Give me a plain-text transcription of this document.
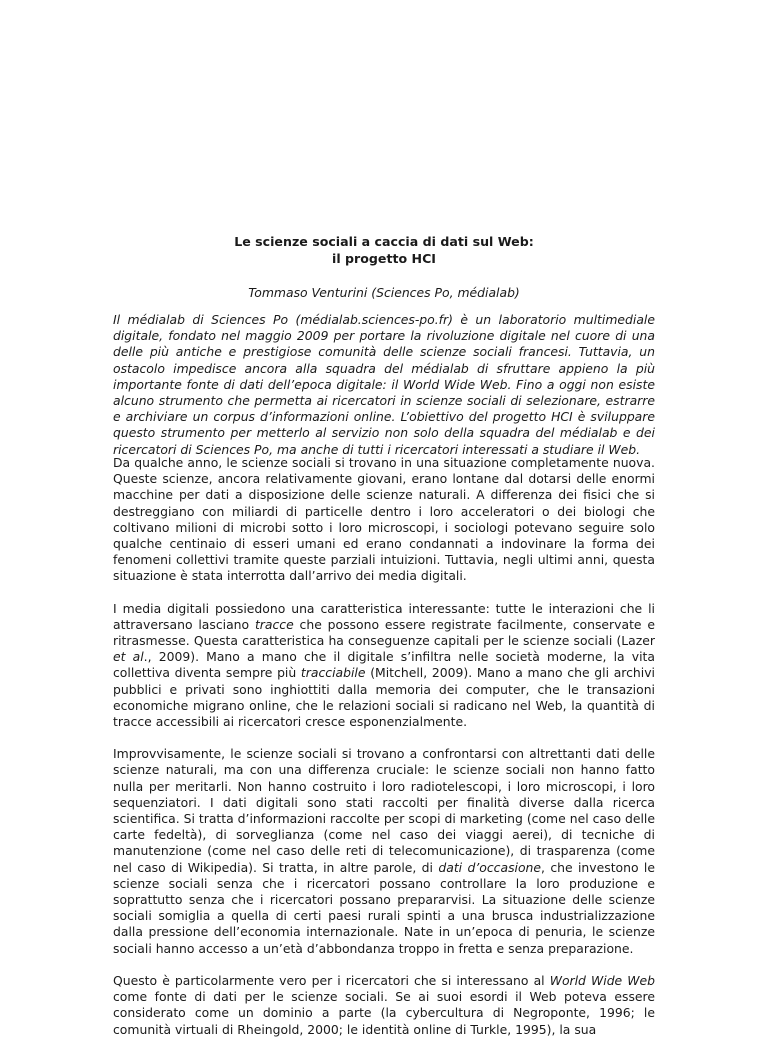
Le scienze sociali a caccia di dati sul Web:
il progetto HCI
Tommaso Venturini (Sciences Po, médialab)

Il médialab di Sciences Po (médialab.sciences-po.fr) è un laboratorio multimediale digitale, fondato nel maggio 2009 per portare la rivoluzione digitale nel cuore di una delle più antiche e prestigiose comunità delle scienze sociali francesi. Tuttavia, un ostacolo impedisce ancora alla squadra del médialab di sfruttare appieno la più importante fonte di dati dell’epoca digitale: il World Wide Web. Fino a oggi non esiste alcuno strumento che permetta ai ricercatori in scienze sociali di selezionare, estrarre e archiviare un corpus d’informazioni online. L’obiettivo del progetto HCI è sviluppare questo strumento per metterlo al servizio non solo della squadra del médialab e dei ricercatori di Sciences Po, ma anche di tutti i ricercatori interessati a studiare il Web.

Da qualche anno, le scienze sociali si trovano in una situazione completamente nuova. Queste scienze, ancora relativamente giovani, erano lontane dal dotarsi delle enormi macchine per dati a disposizione delle scienze naturali. A differenza dei fisici che si destreggiano con miliardi di particelle dentro i loro acceleratori o dei biologi che coltivano milioni di microbi sotto i loro microscopi, i sociologi potevano seguire solo qualche centinaio di esseri umani ed erano condannati a indovinare la forma dei fenomeni collettivi tramite queste parziali intuizioni. Tuttavia, negli ultimi anni, questa situazione è stata interrotta dall’arrivo dei media digitali.

I media digitali possiedono una caratteristica interessante: tutte le interazioni che li attraversano lasciano tracce che possono essere registrate facilmente, conservate e ritrasmesse. Questa caratteristica ha conseguenze capitali per le scienze sociali (Lazer et al., 2009). Mano a mano che il digitale s’infiltra nelle società moderne, la vita collettiva diventa sempre più tracciabile (Mitchell, 2009). Mano a mano che gli archivi pubblici e privati sono inghiottiti dalla memoria dei computer, che le transazioni economiche migrano online, che le relazioni sociali si radicano nel Web, la quantità di tracce accessibili ai ricercatori cresce esponenzialmente.

Improvvisamente, le scienze sociali si trovano a confrontarsi con altrettanti dati delle scienze naturali, ma con una differenza cruciale: le scienze sociali non hanno fatto nulla per meritarli. Non hanno costruito i loro radiotelescopi, i loro microscopi, i loro sequenziatori. I dati digitali sono stati raccolti per finalità diverse dalla ricerca scientifica. Si tratta d’informazioni raccolte per scopi di marketing (come nel caso delle carte fedeltà), di sorveglianza (come nel caso dei viaggi aerei), di tecniche di manutenzione (come nel caso delle reti di telecomunicazione), di trasparenza (come nel caso di Wikipedia). Si tratta, in altre parole, di dati d’occasione, che investono le scienze sociali senza che i ricercatori possano controllare la loro produzione e soprattutto senza che i ricercatori possano prepararvisi. La situazione delle scienze sociali somiglia a quella di certi paesi rurali spinti a una brusca industrializzazione dalla pressione dell’economia internazionale. Nate in un’epoca di penuria, le scienze sociali hanno accesso a un’età d’abbondanza troppo in fretta e senza preparazione.

Questo è particolarmente vero per i ricercatori che si interessano al World Wide Web come fonte di dati per le scienze sociali. Se ai suoi esordi il Web poteva essere considerato come un dominio a parte (la cybercultura di Negroponte, 1996; le comunità virtuali di Rheingold, 2000; le identità online di Turkle, 1995), la sua
